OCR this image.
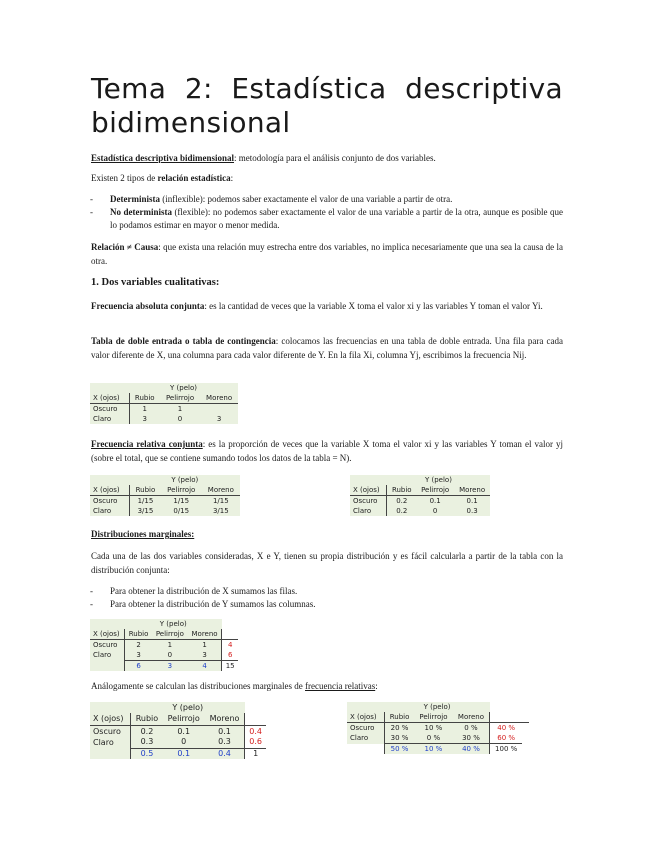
Tema 2: Estadística descriptiva bidimensional

Estadística descriptiva bidimensional: metodología para el análisis conjunto de dos variables.

Existen 2 tipos de relación estadística:

- Determinista (inflexible): podemos saber exactamente el valor de una variable a partir de otra.
- No determinista (flexible): no podemos saber exactamente el valor de una variable a partir de la otra, aunque es posible que lo podamos estimar en mayor o menor medida.

Relación ≠ Causa: que exista una relación muy estrecha entre dos variables, no implica necesariamente que una sea la causa de la otra.

1. Dos variables cualitativas:

Frecuencia absoluta conjunta: es la cantidad de veces que la variable X toma el valor xi y las variables Y toman el valor Yi.

Tabla de doble entrada o tabla de contingencia: colocamos las frecuencias en una tabla de doble entrada. Una fila para cada valor diferente de X, una columna para cada valor diferente de Y. En la fila Xi, columna Yj, escribimos la frecuencia Nij.

	Y (pelo)		
X (ojos)	Rubio	Pelirrojo	Moreno
Oscuro	1	1	
Claro	3	0	3

Frecuencia relativa conjunta: es la proporción de veces que la variable X toma el valor xi y las variables Y toman el valor yj (sobre el total, que se contiene sumando todos los datos de la tabla = N).

	Y (pelo)		
X (ojos)	Rubio	Pelirrojo	Moreno
Oscuro	1/15	1/15	1/15
Claro	3/15	0/15	3/15
	Y (pelo)		
X (ojos)	Rubio	Pelirrojo	Moreno
Oscuro	0.2	0.1	0.1
Claro	0.2	0	0.3

Distribuciones marginales:

Cada una de las dos variables consideradas, X e Y, tienen su propia distribución y es fácil calcularla a partir de la tabla con la distribución conjunta:

- Para obtener la distribución de X sumamos las filas.
- Para obtener la distribución de Y sumamos las columnas.
	Y (pelo)			
X (ojos)	Rubio	Pelirrojo	Moreno	
Oscuro	2	1	1	4
Claro	3	0	3	6
	6	3	4	15

Análogamente se calculan las distribuciones marginales de frecuencia relativas:

	Y (pelo)			
X (ojos)	Rubio	Pelirrojo	Moreno	
Oscuro	0.2	0.1	0.1	0.4
Claro	0.3	0	0.3	0.6
	0.5	0.1	0.4	1
	Y (pelo)				
X (ojos)	Rubio	Pelirrojo	Moreno		
Oscuro	20 %	10 %	0 %	40 %	
Claro	30 %	0 %	30 %	60 %	
	50 %	10 %	40 %	100 %	
